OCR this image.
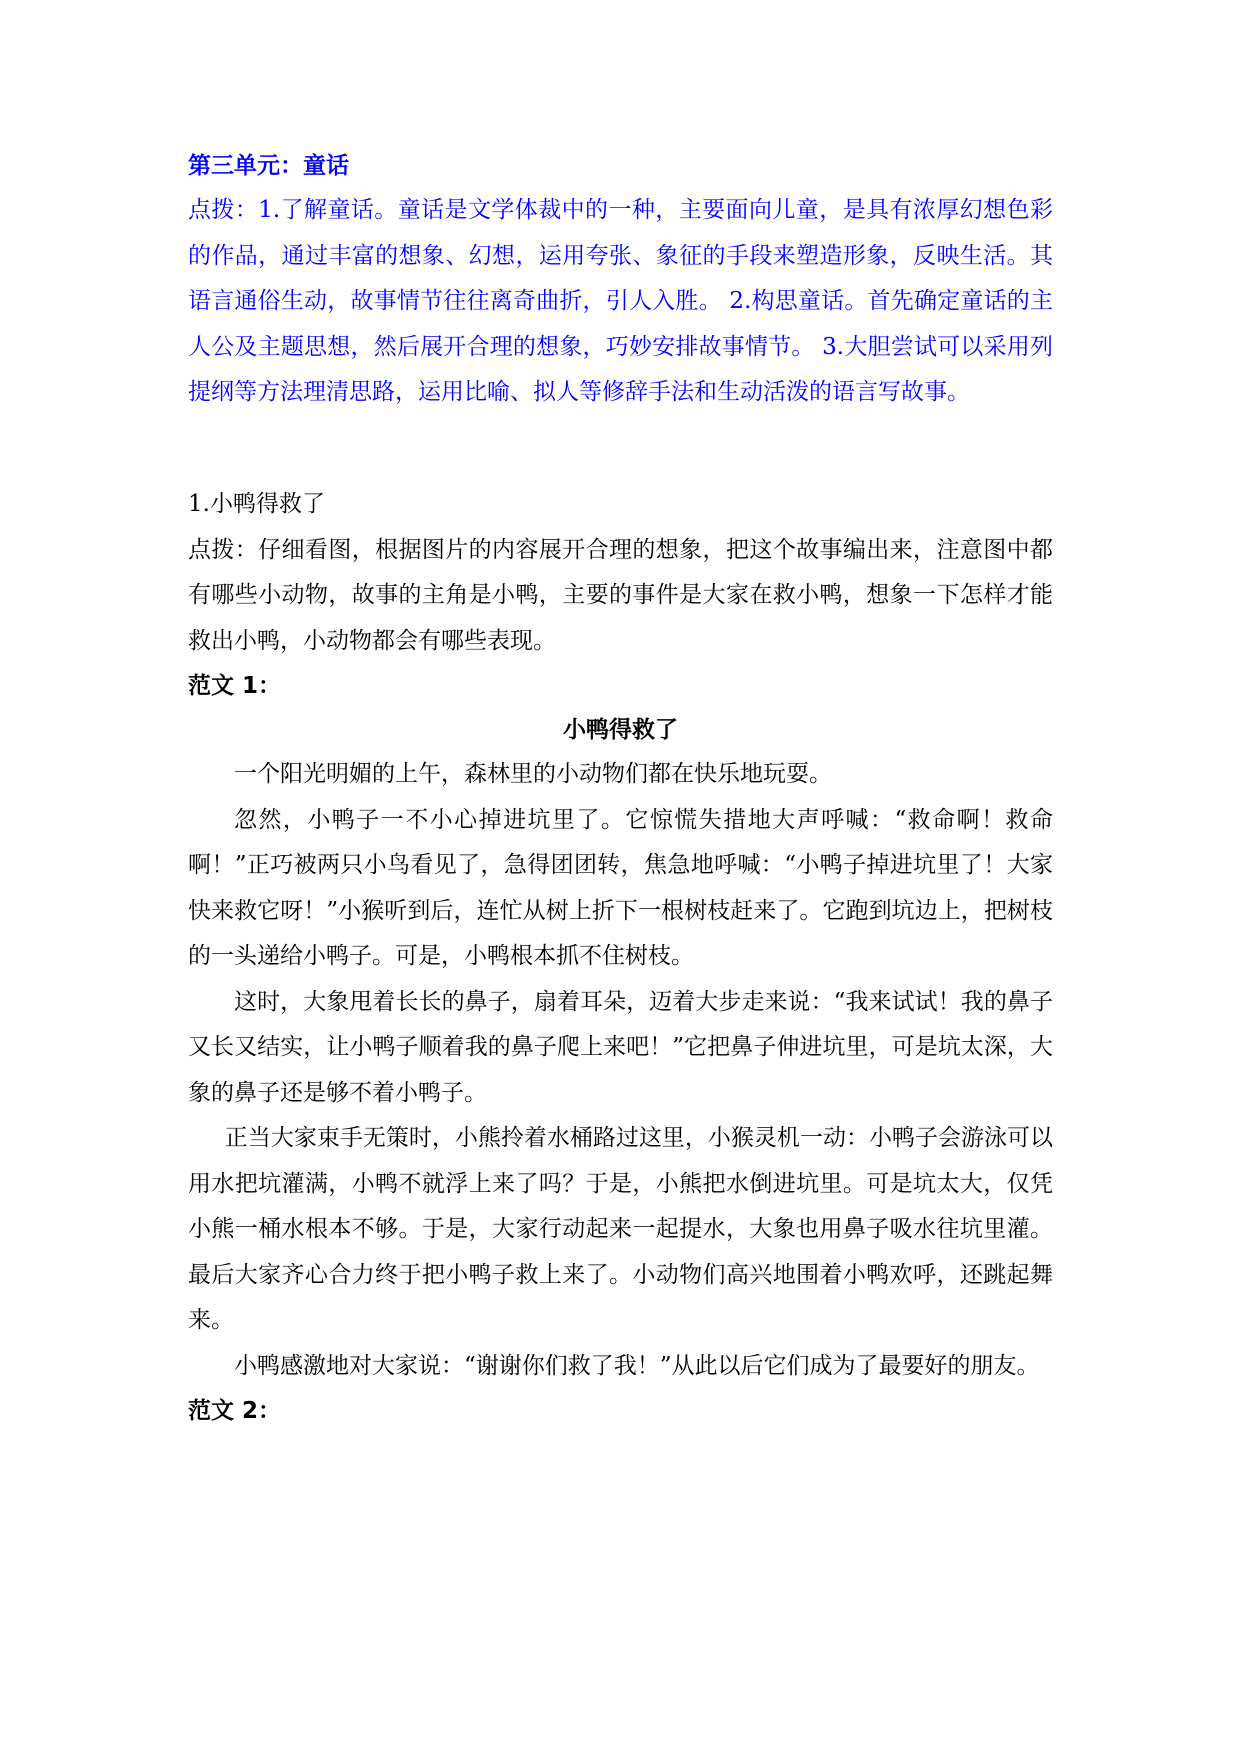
第三单元：童话

点拨：1.了解童话。童话是文学体裁中的一种，主要面向儿童，是具有浓厚幻想色彩的作品，通过丰富的想象、幻想，运用夸张、象征的手段来塑造形象，反映生活。其语言通俗生动，故事情节往往离奇曲折，引人入胜。 2.构思童话。首先确定童话的主人公及主题思想，然后展开合理的想象，巧妙安排故事情节。 3.大胆尝试可以采用列提纲等方法理清思路，运用比喻、拟人等修辞手法和生动活泼的语言写故事。

1.小鸭得救了

点拨：仔细看图，根据图片的内容展开合理的想象，把这个故事编出来，注意图中都有哪些小动物，故事的主角是小鸭，主要的事件是大家在救小鸭，想象一下怎样才能救出小鸭，小动物都会有哪些表现。

范文 1：

小鸭得救了

一个阳光明媚的上午，森林里的小动物们都在快乐地玩耍。

忽然，小鸭子一不小心掉进坑里了。它惊慌失措地大声呼喊：“救命啊！救命啊！”正巧被两只小鸟看见了，急得团团转，焦急地呼喊：“小鸭子掉进坑里了！大家快来救它呀！”小猴听到后，连忙从树上折下一根树枝赶来了。它跑到坑边上，把树枝的一头递给小鸭子。可是，小鸭根本抓不住树枝。

这时，大象甩着长长的鼻子，扇着耳朵，迈着大步走来说：“我来试试！我的鼻子又长又结实，让小鸭子顺着我的鼻子爬上来吧！”它把鼻子伸进坑里，可是坑太深，大象的鼻子还是够不着小鸭子。

正当大家束手无策时，小熊拎着水桶路过这里，小猴灵机一动：小鸭子会游泳可以用水把坑灌满，小鸭不就浮上来了吗？于是，小熊把水倒进坑里。可是坑太大，仅凭小熊一桶水根本不够。于是，大家行动起来一起提水，大象也用鼻子吸水往坑里灌。最后大家齐心合力终于把小鸭子救上来了。小动物们高兴地围着小鸭欢呼，还跳起舞来。

小鸭感激地对大家说：“谢谢你们救了我！”从此以后它们成为了最要好的朋友。

范文 2：
